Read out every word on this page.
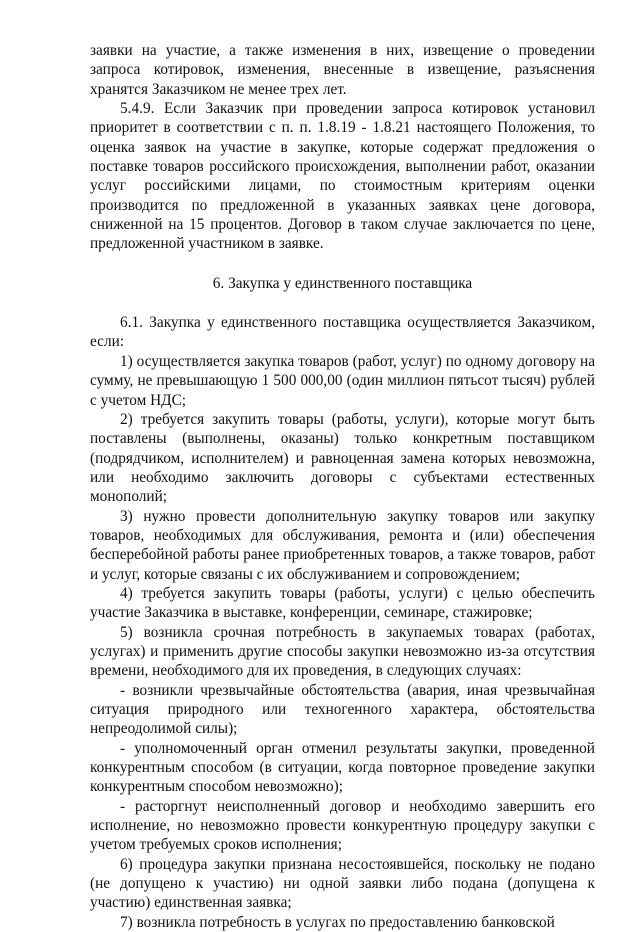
заявки на участие, а также изменения в них, извещение о проведении запроса котировок, изменения, внесенные в извещение, разъяснения хранятся Заказчиком не менее трех лет.

5.4.9. Если Заказчик при проведении запроса котировок установил приоритет в соответствии с п. п. 1.8.19 - 1.8.21 настоящего Положения, то оценка заявок на участие в закупке, которые содержат предложения о поставке товаров российского происхождения, выполнении работ, оказании услуг российскими лицами, по стоимостным критериям оценки производится по предложенной в указанных заявках цене договора, сниженной на 15 процентов. Договор в таком случае заключается по цене, предложенной участником в заявке.

6. Закупка у единственного поставщика

6.1. Закупка у единственного поставщика осуществляется Заказчиком, если:

1) осуществляется закупка товаров (работ, услуг) по одному договору на сумму, не превышающую 1 500 000,00 (один миллион пятьсот тысяч) рублей с учетом НДС;

2) требуется закупить товары (работы, услуги), которые могут быть поставлены (выполнены, оказаны) только конкретным поставщиком (подрядчиком, исполнителем) и равноценная замена которых невозможна, или необходимо заключить договоры с субъектами естественных монополий;

3) нужно провести дополнительную закупку товаров или закупку товаров, необходимых для обслуживания, ремонта и (или) обеспечения бесперебойной работы ранее приобретенных товаров, а также товаров, работ и услуг, которые связаны с их обслуживанием и сопровождением;

4) требуется закупить товары (работы, услуги) с целью обеспечить участие Заказчика в выставке, конференции, семинаре, стажировке;

5) возникла срочная потребность в закупаемых товарах (работах, услугах) и применить другие способы закупки невозможно из-за отсутствия времени, необходимого для их проведения, в следующих случаях:

- возникли чрезвычайные обстоятельства (авария, иная чрезвычайная ситуация природного или техногенного характера, обстоятельства непреодолимой силы);

- уполномоченный орган отменил результаты закупки, проведенной конкурентным способом (в ситуации, когда повторное проведение закупки конкурентным способом невозможно);

- расторгнут неисполненный договор и необходимо завершить его исполнение, но невозможно провести конкурентную процедуру закупки с учетом требуемых сроков исполнения;

6) процедура закупки признана несостоявшейся, поскольку не подано (не допущено к участию) ни одной заявки либо подана (допущена к участию) единственная заявка;

7) возникла потребность в услугах по предоставлению банковской
